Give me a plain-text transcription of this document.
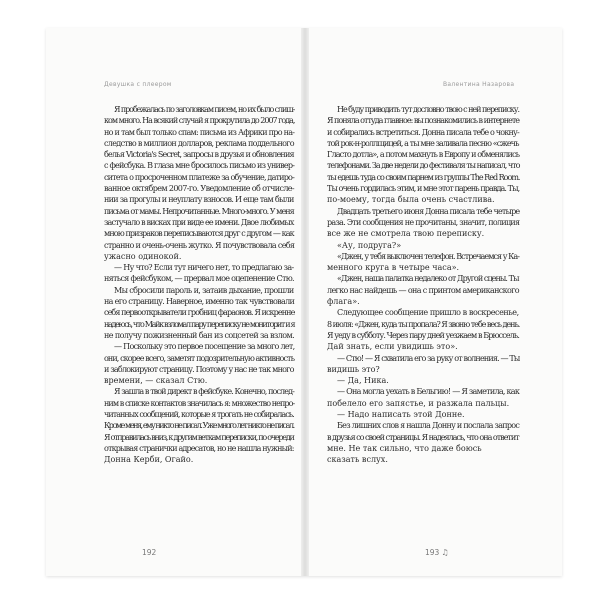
Девушка с плеером
Я пробежалась по заголовкам писем, но их было слиш-
ком много. На всякий случай я прокрутила до 2007 года,
но и там был только спам: письма из Африки про на-
следство в миллион долларов, реклама поддельного
белья Victoria's Secret, запросы в друзья и обновления
с фейсбука. В глаза мне бросилось письмо из универ-
ситета о просроченном платеже за обучение, датиро-
ванное октябрем 2007-го. Уведомление об отчисле-
нии за прогулы и неуплату взносов. И еще там были
письма от мамы. Непрочитанные. Много-много. У меня
застучало в висках при виде ее имени. Двое любимых
мною призраков переписываются друг с другом — как
странно и очень-очень жутко. Я почувствовала себя
ужасно одинокой.
— Ну что? Если тут ничего нет, то предлагаю за-
няться фейсбуком, — прервал мое оцепенение Стю.
Мы сбросили пароль и, затаив дыхание, прошли
на его страницу. Наверное, именно так чувствовали
себя первооткрыватели гробниц фараонов. Я искренне
надеюсь, что Майк взломал пару переписку не мониторит и я
не получу пожизненный бан из соцсетей за взлом.
— Поскольку это первое посещение за много лет,
они, скорее всего, заметят подозрительную активность
и заблокируют страницу. Поэтому у нас не так много
времени, — сказал Стю.
Я зашла в твой директ в фейсбуке. Конечно, послед-
ним в списке контактов значилась я: множество непро-
читанных сообщений, которые я трогать не собиралась.
Кроме меня, ему никто не писал. Уже много лет никто не писал.
Я отправилась вниз, к другим веткам переписки, по очереди
открывая странички адресатов, но не нашла нужный:
Донна Керби, Огайо.
192
Валентина Назарова
Не буду приводить тут дословно твою с ней переписку.
Я поняла оттуда главное: вы познакомились в интернете
и собирались встретиться. Донна писала тебе о чокну-
той рок-н-роллщицей, а ты мне заливала песню «сжечь
Гласто дотла», а потом махнуть в Европу и обменялись
телефонами. За две недели до фестиваля ты написал, что
ты едешь туда со своим парнем из группы The Red Room.
Ты очень гордилась этим, и мне этот парень правда. Ты,
по-моему, тогда была очень счастлива.
Двадцать третьего июня Донна писала тебе четыре
раза. Эти сообщения не прочитаны, значит, полиция
все же не смотрела твою переписку.
«Ау, подруга?»
«Джен, у тебя выключен телефон. Встречаемся у Ка-
менного круга в четыре часа».
«Джен, наша палатка недалеко от Другой сцены. Ты
легко нас найдешь — она с принтом американского
флага».
Следующее сообщение пришло в воскресенье,
8 июля: «Джен, куда ты пропала? Я звоню тебе весь день.
Я уеду в субботу. Через пару дней уезжаем в Брюссель.
Дай знать, если увидишь это».
— Стю! — Я схватила его за руку от волнения. — Ты
видишь это?
— Да, Ника.
— Она могла уехать в Бельгию! — Я заметила, как
побелело его запястье, и разжала пальцы.
— Надо написать этой Донне.
Без лишних слов я нашла Донну и послала запрос
в друзья со своей страницы. Я надеялась, что она ответит
мне. Не так сильно, что даже боюсь
сказать вслух.
193 ♫
